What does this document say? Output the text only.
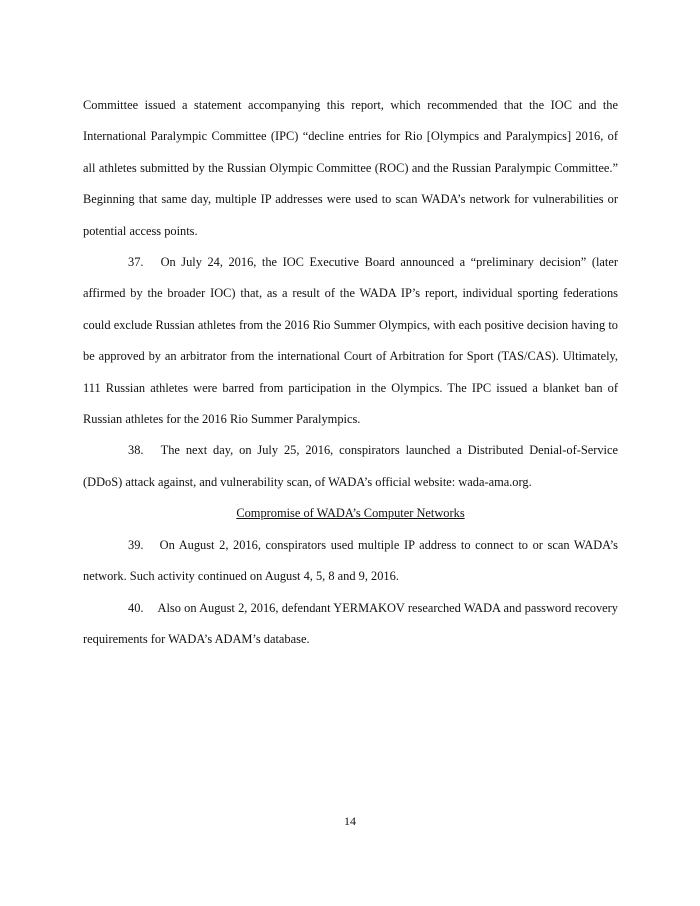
Committee issued a statement accompanying this report, which recommended that the IOC and the International Paralympic Committee (IPC) “decline entries for Rio [Olympics and Paralympics] 2016, of all athletes submitted by the Russian Olympic Committee (ROC) and the Russian Paralympic Committee.” Beginning that same day, multiple IP addresses were used to scan WADA’s network for vulnerabilities or potential access points.

37. On July 24, 2016, the IOC Executive Board announced a “preliminary decision” (later affirmed by the broader IOC) that, as a result of the WADA IP’s report, individual sporting federations could exclude Russian athletes from the 2016 Rio Summer Olympics, with each positive decision having to be approved by an arbitrator from the international Court of Arbitration for Sport (TAS/CAS). Ultimately, 111 Russian athletes were barred from participation in the Olympics. The IPC issued a blanket ban of Russian athletes for the 2016 Rio Summer Paralympics.

38. The next day, on July 25, 2016, conspirators launched a Distributed Denial-of-Service (DDoS) attack against, and vulnerability scan, of WADA’s official website: wada-ama.org.

Compromise of WADA’s Computer Networks

39. On August 2, 2016, conspirators used multiple IP address to connect to or scan WADA’s network. Such activity continued on August 4, 5, 8 and 9, 2016.

40. Also on August 2, 2016, defendant YERMAKOV researched WADA and password recovery requirements for WADA’s ADAM’s database.

14
